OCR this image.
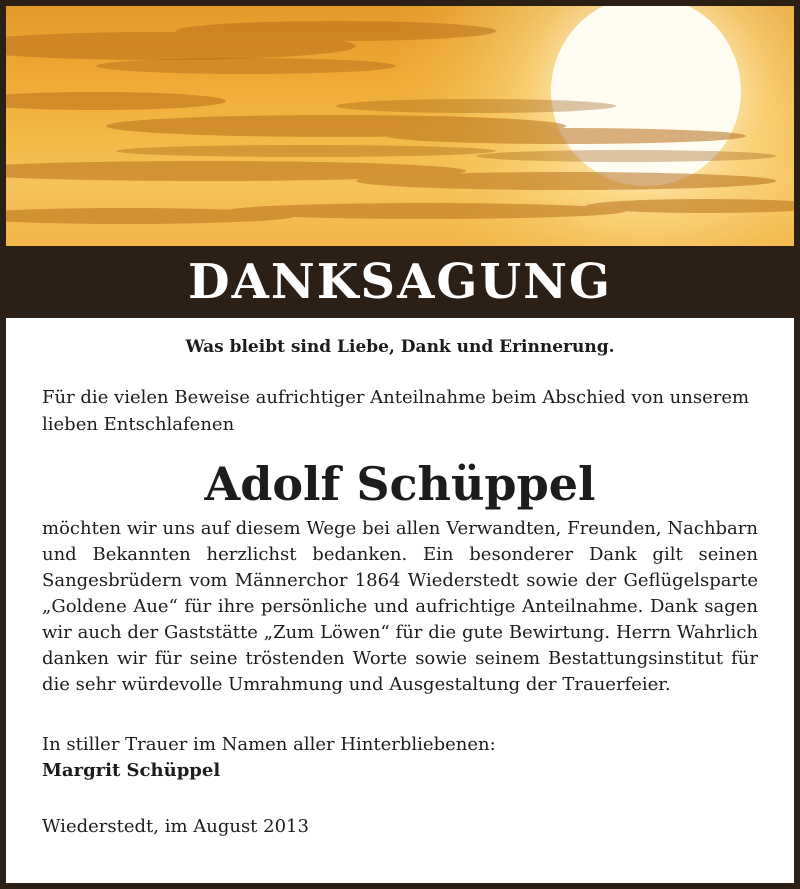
DANKSAGUNG
Was bleibt sind Liebe, Dank und Erinnerung.
Für die vielen Beweise aufrichtiger Anteilnahme beim Abschied von unserem lieben Entschlafenen
Adolf Schüppel
möchten wir uns auf diesem Wege bei allen Verwandten, Freunden, Nachbarn und Bekannten herzlichst bedanken. Ein besonderer Dank gilt seinen Sangesbrüdern vom Männerchor 1864 Wiederstedt sowie der Geflügelsparte „Goldene Aue“ für ihre persönliche und aufrichtige Anteilnahme. Dank sagen wir auch der Gaststätte „Zum Löwen“ für die gute Bewirtung. Herrn Wahrlich danken wir für seine tröstenden Worte sowie seinem Bestattungsinstitut für die sehr würdevolle Umrahmung und Ausgestaltung der Trauerfeier.
In stiller Trauer im Namen aller Hinterbliebenen:
Margrit Schüppel
Wiederstedt, im August 2013
